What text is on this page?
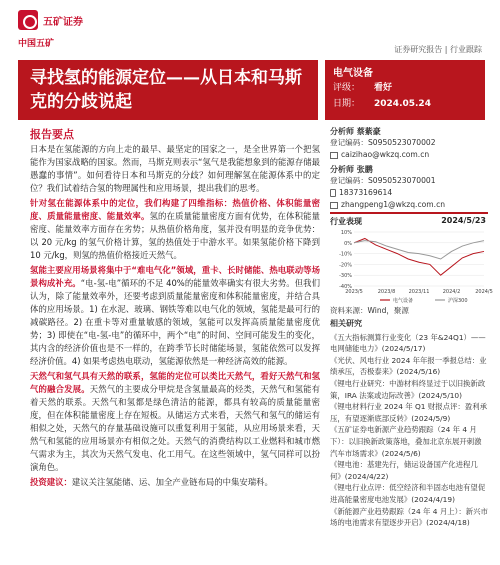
五矿证券
中国五矿
证券研究报告 | 行业跟踪
寻找氢的能源定位——从日本和马斯克的分歧说起
电气设备
评级： 看好
日期： 2024.05.24
报告要点

日本是在氢能源的方向上走的最早、最坚定的国家之一，是全世界第一个把氢能作为国家战略的国家。然而，马斯克则表示“氢气是我能想象到的能源存储最愚蠢的事情”。如何看待日本和马斯克的分歧？如何理解氢在能源体系中的定位？我们试着结合氢的物理属性和应用场景，提出我们的思考。

针对氢在能源体系中的定位，我们构建了四维指标：热值价格、体积能量密度、质量能量密度、能量效率。氢的在质量能量密度方面有优势，在体积能量密度、能量效率方面存在劣势；从热值价格角度，氢并没有明显的竞争优势：以 20 元/kg 的氢气价格计算，氢的热值处于中游水平。如果氢能价格下降到 10 元/kg，则氢的热值价格接近天然气。

氢能主要应用场景将集中于“难电气化”领域，重卡、长时储能、热电联动等场景构成补充。“电-氢-电”循环的不足 40%的能量效率确实有很大劣势。但我们认为，除了能量效率外，还要考虑到质量能量密度和体积能量密度，并结合具体的应用场景。1) 在水泥、玻璃、钢铁等难以电气化的领域，氢能是最可行的减碳路径。2) 在重卡等对重量敏感的领域，氢能可以发挥高质量能量密度优势；3) 即使在“电-氢-电”的循环中，两个“电”的时间、空间可能发生的变化，其内含的经济价值也是不一样的，在跨季节长时储能场景，氢能依然可以发挥经济价值。4) 如果考虑热电联动，氢能源依然是一种经济高效的能源。

天然气和氢气具有天然的联系，氢能的定位可以类比天然气，看好天然气和氢气的融合发展。天然气的主要成分甲烷是含氢量最高的烃类，天然气和氢能有着天然的联系。天然气和氢都是绿色清洁的能源，都具有较高的质量能量密度，但在体积能量密度上存在短板。从储运方式来看，天然气和氢气的储运有相似之处，天然气的存量基础设施可以重复利用于氢能，从应用场景来看，天然气和氢能的应用场景亦有相似之处。天然气的消费结构以工业燃料和城市燃气需求为主，其次为天然气发电、化工用气。在这些领域中，氢气同样可以扮演角色。

投资建议：建议关注氢能储、运、加全产业链布局的中集安瑞科。

分析师 蔡紫豪
登记编码：S0950523070002
caizihao@wkzq.com.cn
分析师 张鹏
登记编码：S0950523070001
18373169614
zhangpeng1@wkzq.com.cn
行业表现	2024/5/23
10%
0%
-10%
-20%
-30%
-40%
2023/5	2023/8	2023/11	2024/2	2024/5
电气设备	沪深300
资料来源：Wind，聚源
相关研究
《五大指标测算行业变化（23 年&24Q1）——电网储能电力》(2024/5/17)
《光伏、风电行业 2024 年年报一季报总结：业绩承压，否极泰来》(2024/5/16)
《锂电行业研究：中游材料终显过于以旧换新政策，IRA 法案或边际改善》(2024/5/10)
《锂电材料行业 2024 年 Q1 财报点评：盈利承压，有望逐渐底部反转》(2024/5/9)
《五矿证券电新源产业趋势跟踪（24 年 4 月下）：以旧换新政策落地，叠加北京东展开刺激汽车市场需求》(2024/5/6)
《锂电池：基建先行，储运设备国产化进程几何》(2024/4/22)
《锂电行业点评：低空经济和半固态电池有望促进高能量密度电池发展》(2024/4/19)
《新能源产业趋势跟踪（24 年 4 月上）：新兴市场的电池需求有望逐步开启》(2024/4/18)
